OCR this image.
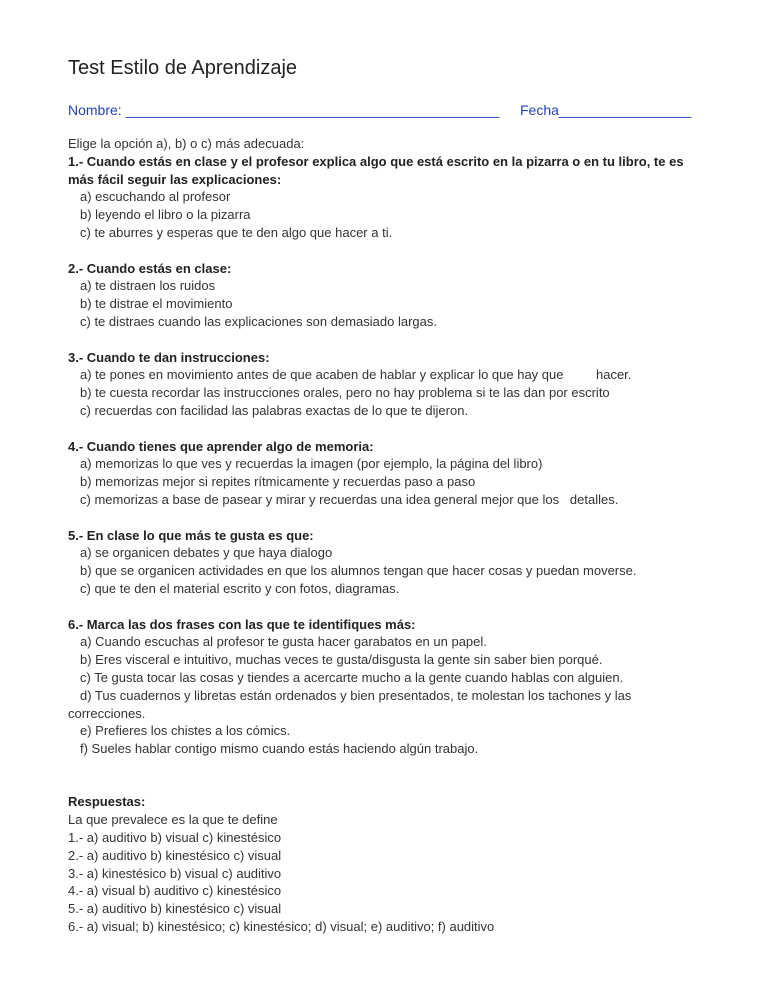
Test Estilo de Aprendizaje
Nombre: ________________________________________________ Fecha_________________
Elige la opción a), b) o c) más adecuada:
1.- Cuando estás en clase y el profesor explica algo que está escrito en la pizarra o en tu libro, te es más fácil seguir las explicaciones:
a) escuchando al profesor
b) leyendo el libro o la pizarra
c) te aburres y esperas que te den algo que hacer a ti.
2.- Cuando estás en clase:
a) te distraen los ruidos
b) te distrae el movimiento
c) te distraes cuando las explicaciones son demasiado largas.
3.- Cuando te dan instrucciones:
a) te pones en movimiento antes de que acaben de hablar y explicar lo que hay que         hacer.
b) te cuesta recordar las instrucciones orales, pero no hay problema si te las dan por escrito
c) recuerdas con facilidad las palabras exactas de lo que te dijeron.
4.- Cuando tienes que aprender algo de memoria:
a) memorizas lo que ves y recuerdas la imagen (por ejemplo, la página del libro)
b) memorizas mejor si repites rítmicamente y recuerdas paso a paso
c) memorizas a base de pasear y mirar y recuerdas una idea general mejor que los   detalles.
5.- En clase lo que más te gusta es que:
a) se organicen debates y que haya dialogo
b) que se organicen actividades en que los alumnos tengan que hacer cosas y puedan moverse.
c) que te den el material escrito y con fotos, diagramas.
6.- Marca las dos frases con las que te identifiques más:
a) Cuando escuchas al profesor te gusta hacer garabatos en un papel.
b) Eres visceral e intuitivo, muchas veces te gusta/disgusta la gente sin saber bien porqué.
c) Te gusta tocar las cosas y tiendes a acercarte mucho a la gente cuando hablas con alguien.
d) Tus cuadernos y libretas están ordenados y bien presentados, te molestan los tachones y las correcciones.
e) Prefieres los chistes a los cómics.
f) Sueles hablar contigo mismo cuando estás haciendo algún trabajo.
Respuestas:
La que prevalece es la que te define
1.- a) auditivo b) visual c) kinestésico
2.- a) auditivo b) kinestésico c) visual
3.- a) kinestésico b) visual c) auditivo
4.- a) visual b) auditivo c) kinestésico
5.- a) auditivo b) kinestésico c) visual
6.- a) visual; b) kinestésico; c) kinestésico; d) visual; e) auditivo; f) auditivo
